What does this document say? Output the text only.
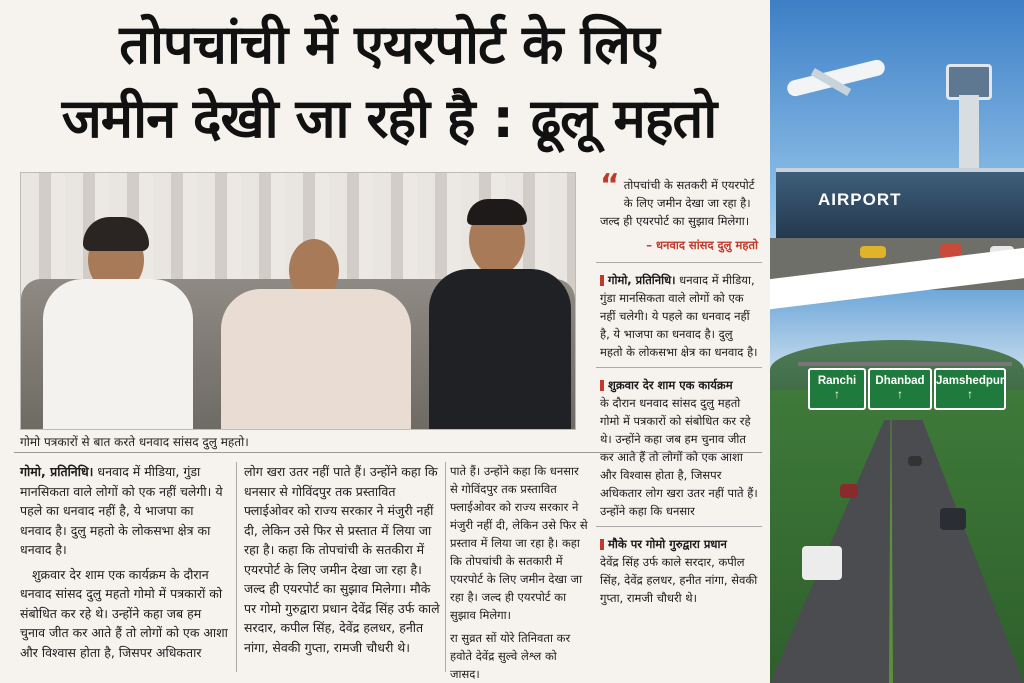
तोपचांची में एयरपोर्ट के लिए
जमीन देखी जा रही है : ढूलू महतो
गोमो पत्रकारों से बात करते धनवाद सांसद दुलु महतो।

गोमो, प्रतिनिधि। धनवाद में मीडिया, गुंडा मानसिकता वाले लोगों को एक नहीं चलेगी। ये पहले का धनवाद नहीं है, ये भाजपा का धनवाद है। दुलु महतो के लोकसभा क्षेत्र का धनवाद है।

शुक्रवार देर शाम एक कार्यक्रम के दौरान धनवाद सांसद दुलु महतो गोमो में पत्रकारों को संबोधित कर रहे थे। उन्होंने कहा जब हम चुनाव जीत कर आते हैं तो लोगों को एक आशा और विश्वास होता है, जिसपर अधिकतार

लोग खरा उतर नहीं पाते हैं। उन्होंने कहा कि धनसार से गोविंदपुर तक प्रस्तावित फ्लाईओवर को राज्य सरकार ने मंजुरी नहीं दी, लेकिन उसे फिर से प्रस्तात में लिया जा रहा है। कहा कि तोपचांची के सतकीरा में एयरपोर्ट के लिए जमीन देखा जा रहा है। जल्द ही एयरपोर्ट का सुझाव मिलेगा। मौके पर गोमो गुरुद्वारा प्रधान देवेंद्र सिंह उर्फ काले सरदार, कपील सिंह, देवेंद्र हलधर, हनीत नांगा, सेवकी गुप्ता, रामजी चौधरी थे।

पाते हैं। उन्होंने कहा कि धनसार से गोविंदपुर तक प्रस्तावित फ्लाईओवर को राज्य सरकार ने मंजुरी नहीं दी, लेकिन उसे फिर से प्रस्ताव में लिया जा रहा है। कहा कि तोपचांची के सतकारी में एयरपोर्ट के लिए जमीन देखा जा रहा है। जल्द ही एयरपोर्ट का सुझाव मिलेगा।

रा सुव्रत सों योरे तिनिवता कर हवोते देवेंद्र सुल्वे लेश्ल को जासद।

“ तोपचांची के सतकरी में एयरपोर्ट के लिए जमीन देखा जा रहा है। जल्द ही एयरपोर्ट का सुझाव मिलेगा।
– धनवाद सांसद दुलु महतो
गोमो, प्रतिनिधि। धनवाद में मीडिया, गुंडा मानसिकता वाले लोगों को एक नहीं चलेगी। ये पहले का धनवाद नहीं है, ये भाजपा का धनवाद है। दुलु महतो के लोकसभा क्षेत्र का धनवाद है।
शुक्रवार देर शाम एक कार्यक्रम
के दौरान धनवाद सांसद दुलु महतो गोमो में पत्रकारों को संबोधित कर रहे थे। उन्होंने कहा जब हम चुनाव जीत कर आते हैं तो लोगों को एक आशा और विश्वास होता है, जिसपर अधिकतार लोग खरा उतर नहीं पाते हैं। उन्होंने कहा कि धनसार
मौके पर गोमो गुरुद्वारा प्रधान
देवेंद्र सिंह उर्फ काले सरदार, कपील सिंह, देवेंद्र हलधर, हनीत नांगा, सेवकी गुप्ता, रामजी चौधरी थे।
AIRPORT
Ranchi
↑
Dhanbad
↑
Jamshedpur
↑
